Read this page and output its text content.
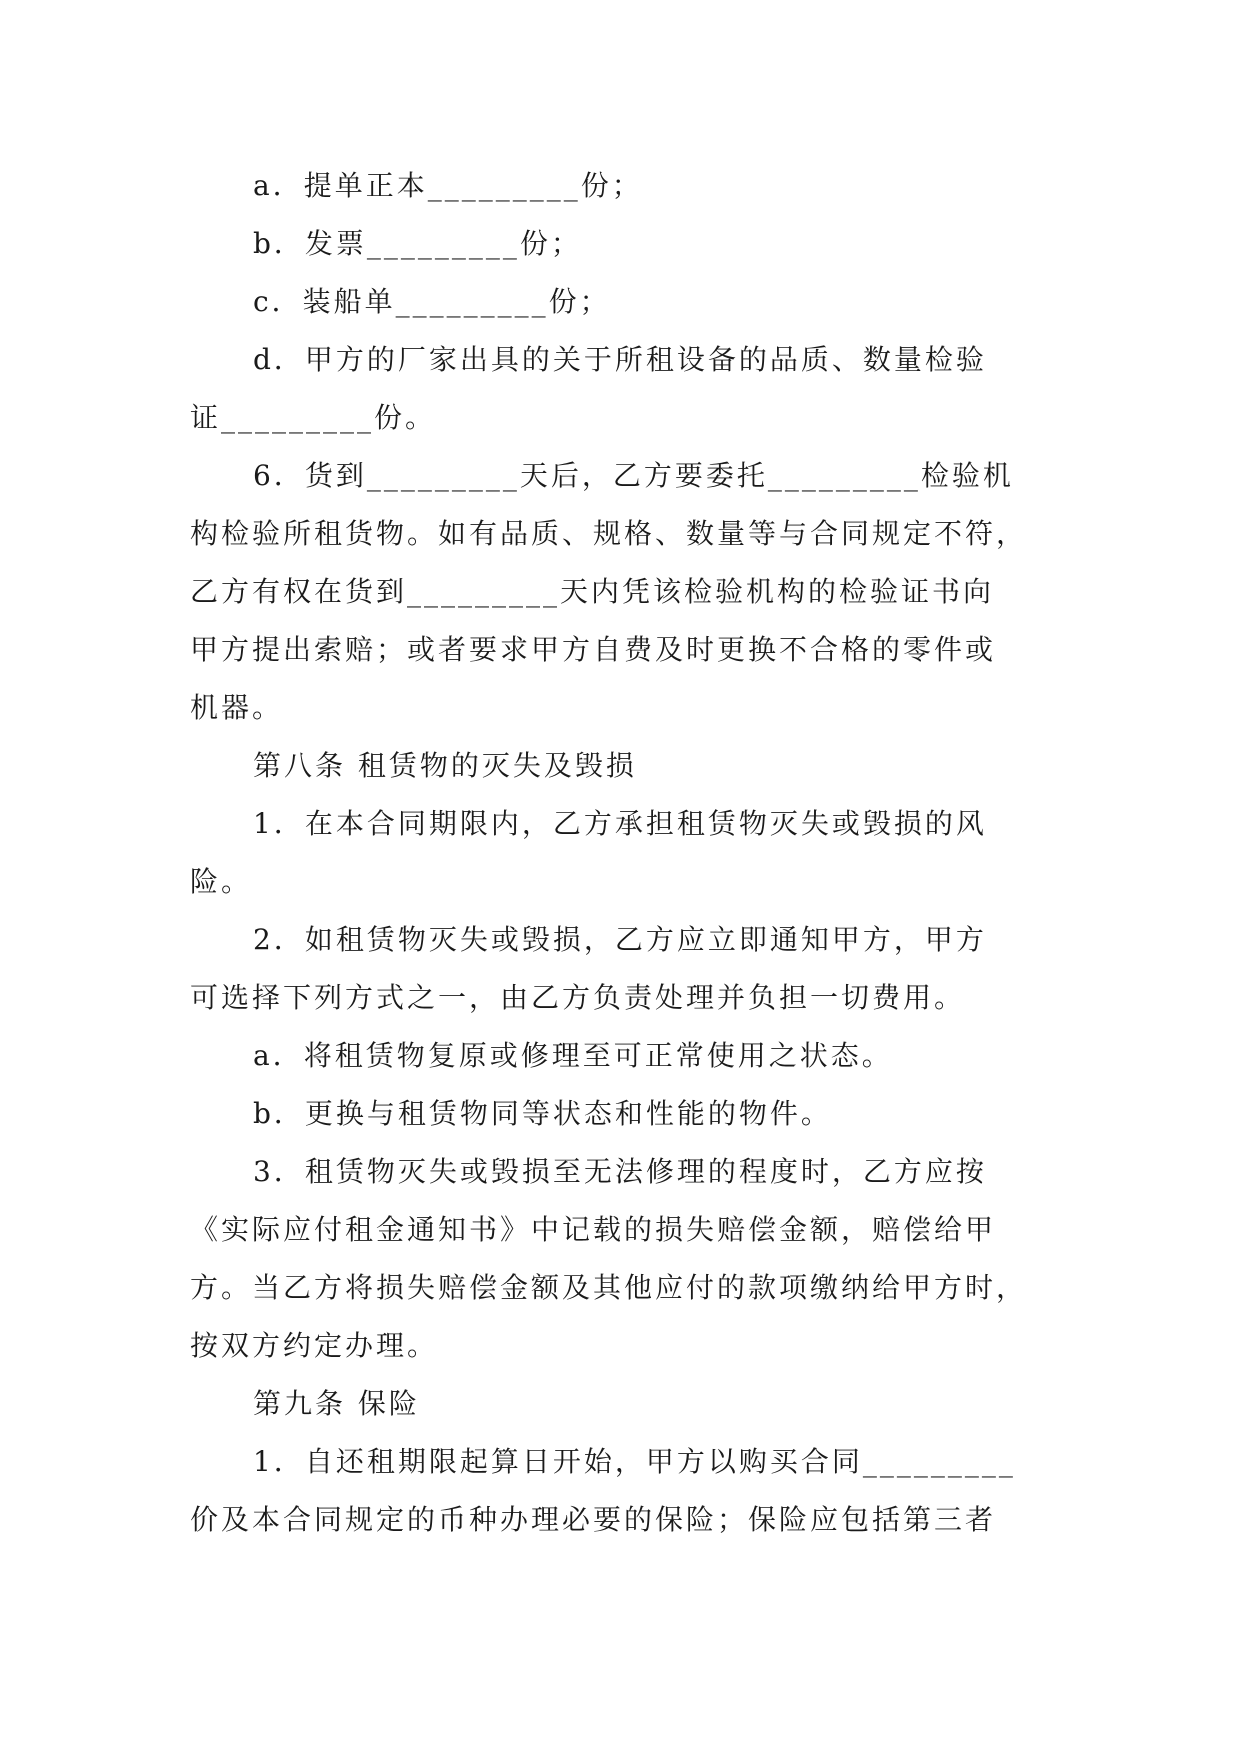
a．提单正本_________份；
b．发票_________份；
c．装船单_________份；
d．甲方的厂家出具的关于所租设备的品质、数量检验
证_________份。
6．货到_________天后，乙方要委托_________检验机
构检验所租货物。如有品质、规格、数量等与合同规定不符，
乙方有权在货到_________天内凭该检验机构的检验证书向
甲方提出索赔；或者要求甲方自费及时更换不合格的零件或
机器。
第八条 租赁物的灭失及毁损
1．在本合同期限内，乙方承担租赁物灭失或毁损的风
险。
2．如租赁物灭失或毁损，乙方应立即通知甲方，甲方
可选择下列方式之一，由乙方负责处理并负担一切费用。
a．将租赁物复原或修理至可正常使用之状态。
b．更换与租赁物同等状态和性能的物件。
3．租赁物灭失或毁损至无法修理的程度时，乙方应按
《实际应付租金通知书》中记载的损失赔偿金额，赔偿给甲
方。当乙方将损失赔偿金额及其他应付的款项缴纳给甲方时，
按双方约定办理。
第九条 保险
1．自还租期限起算日开始，甲方以购买合同_________
价及本合同规定的币种办理必要的保险；保险应包括第三者
